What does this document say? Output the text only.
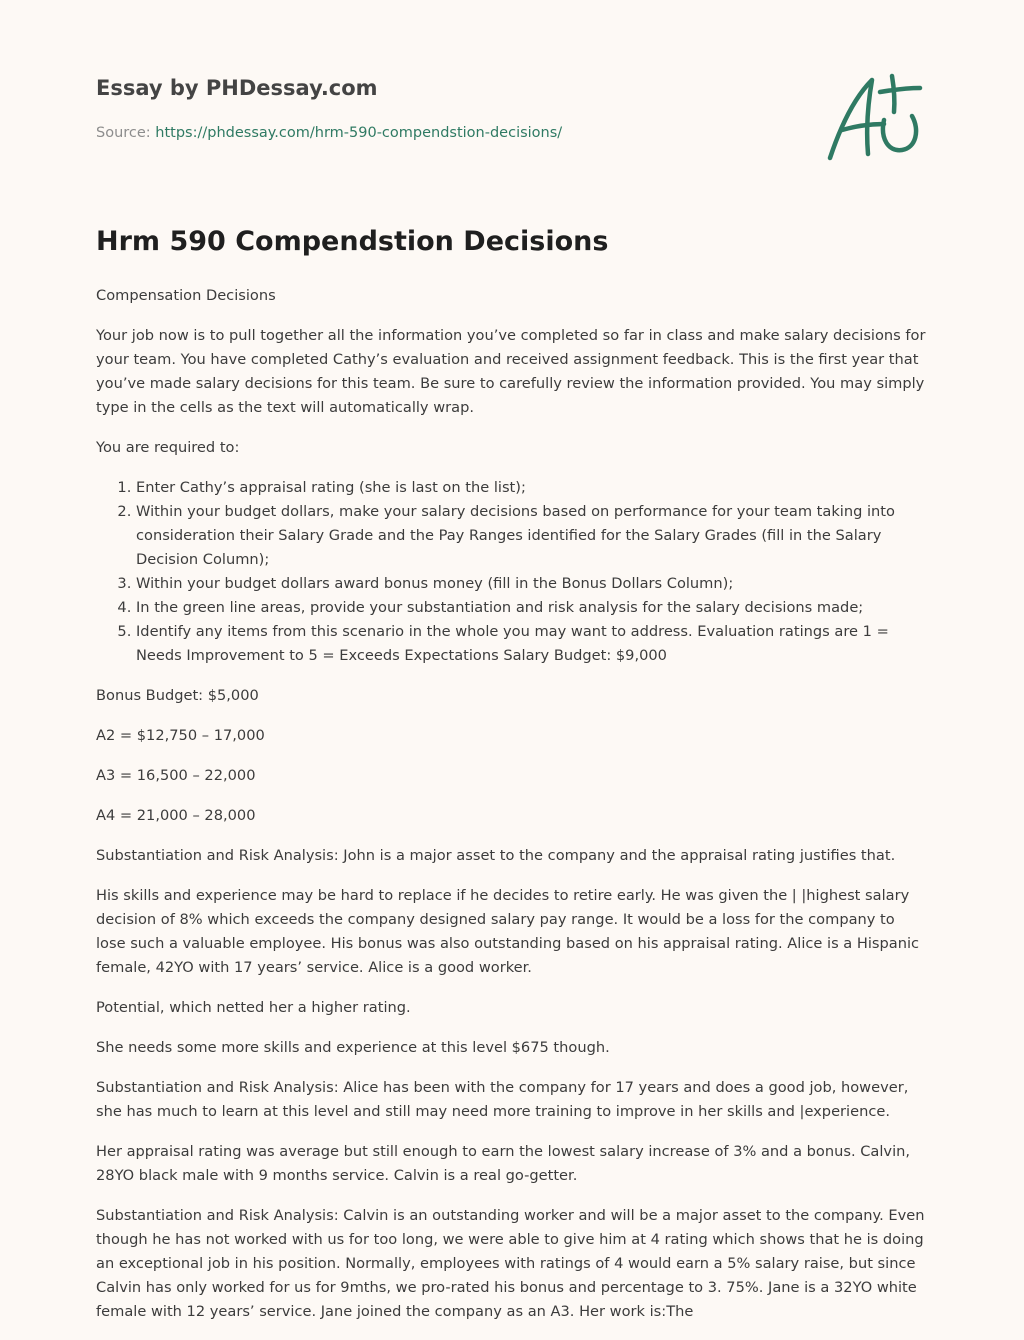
Essay by PHDessay.com
Source: https://phdessay.com/hrm-590-compendstion-decisions/
Hrm 590 Compendstion Decisions

Compensation Decisions

Your job now is to pull together all the information you’ve completed so far in class and make salary decisions for your team. You have completed Cathy’s evaluation and received assignment feedback. This is the first year that you’ve made salary decisions for this team. Be sure to carefully review the information provided. You may simply type in the cells as the text will automatically wrap.

You are required to:

1. Enter Cathy’s appraisal rating (she is last on the list);
2. Within your budget dollars, make your salary decisions based on performance for your team taking into consideration their Salary Grade and the Pay Ranges identified for the Salary Grades (fill in the Salary Decision Column);
3. Within your budget dollars award bonus money (fill in the Bonus Dollars Column);
4. In the green line areas, provide your substantiation and risk analysis for the salary decisions made;
5. Identify any items from this scenario in the whole you may want to address. Evaluation ratings are 1 = Needs Improvement to 5 = Exceeds Expectations Salary Budget: $9,000

Bonus Budget: $5,000

A2 = $12,750 – 17,000

A3 = 16,500 – 22,000

A4 = 21,000 – 28,000

Substantiation and Risk Analysis: John is a major asset to the company and the appraisal rating justifies that.

His skills and experience may be hard to replace if he decides to retire early. He was given the | |highest salary decision of 8% which exceeds the company designed salary pay range. It would be a loss for the company to lose such a valuable employee. His bonus was also outstanding based on his appraisal rating. Alice is a Hispanic female, 42YO with 17 years’ service. Alice is a good worker.

Potential, which netted her a higher rating.

She needs some more skills and experience at this level $675 though.

Substantiation and Risk Analysis: Alice has been with the company for 17 years and does a good job, however, she has much to learn at this level and still may need more training to improve in her skills and |experience.

Her appraisal rating was average but still enough to earn the lowest salary increase of 3% and a bonus. Calvin, 28YO black male with 9 months service. Calvin is a real go-getter.

Substantiation and Risk Analysis: Calvin is an outstanding worker and will be a major asset to the company. Even though he has not worked with us for too long, we were able to give him at 4 rating which shows that he is doing an exceptional job in his position. Normally, employees with ratings of 4 would earn a 5% salary raise, but since Calvin has only worked for us for 9mths, we pro-rated his bonus and percentage to 3. 75%. Jane is a 32YO white female with 12 years’ service. Jane joined the company as an A3. Her work is:The
